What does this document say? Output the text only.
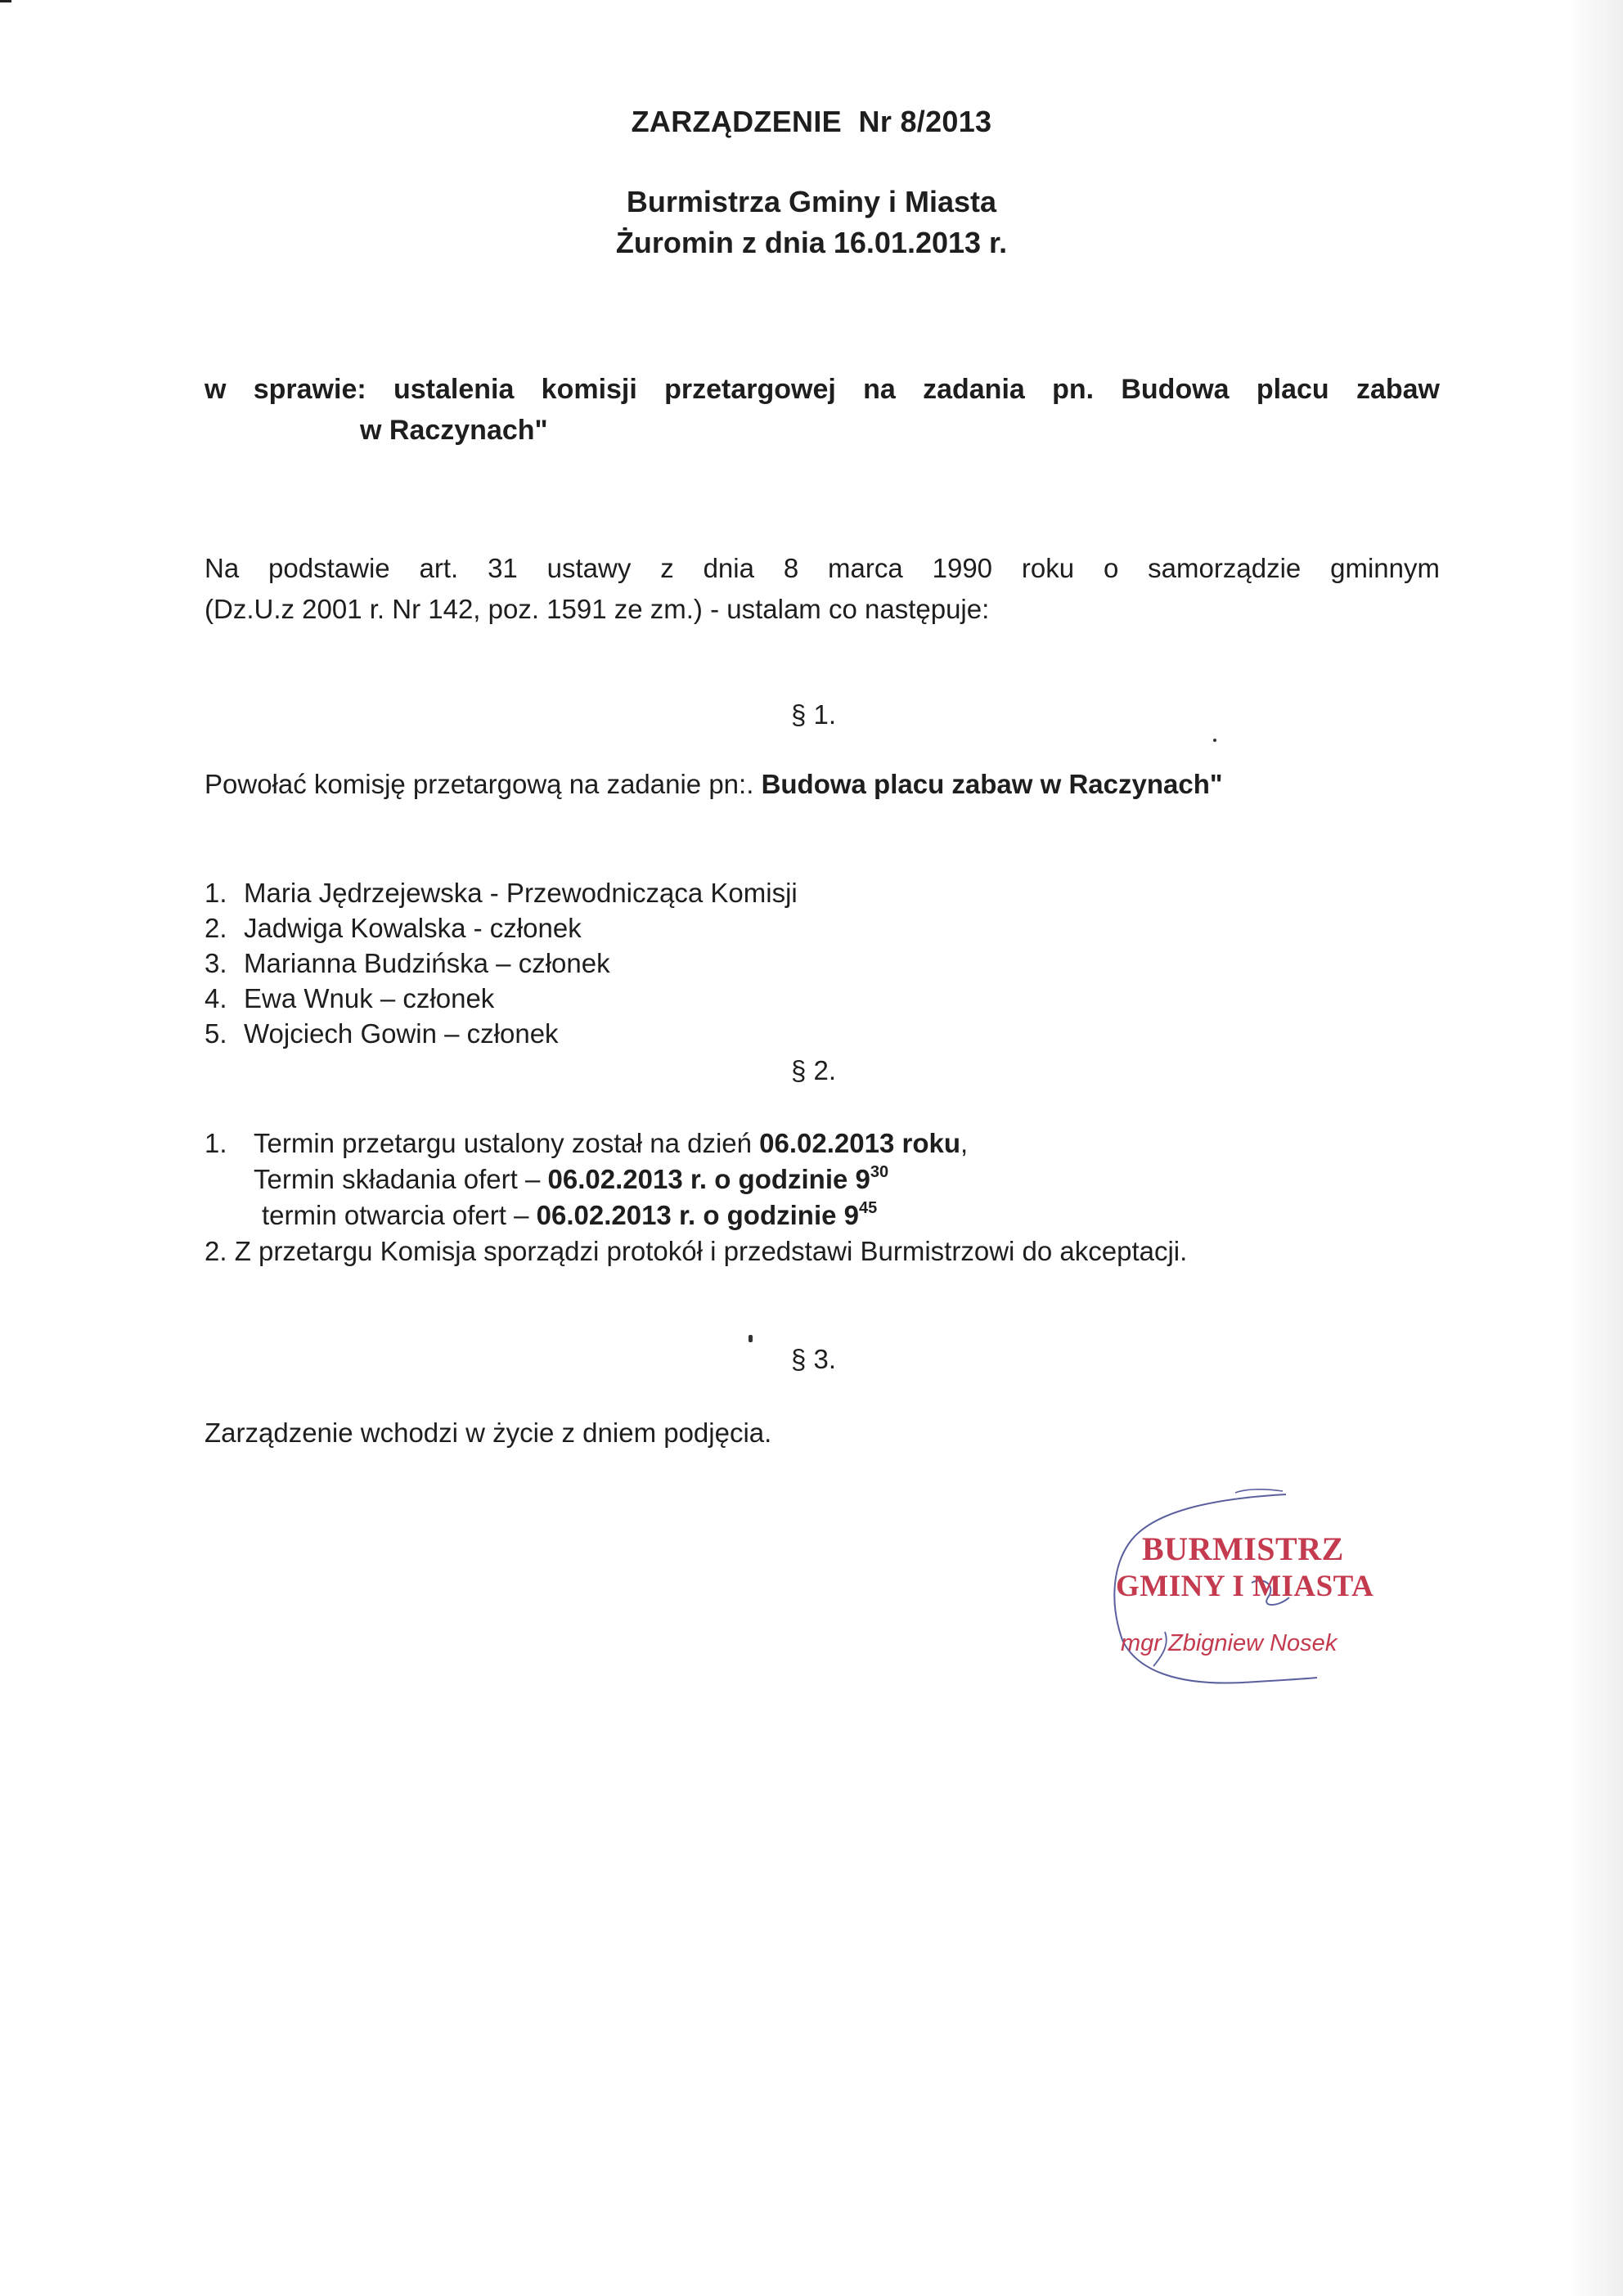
ZARZĄDZENIE  Nr 8/2013
Burmistrza Gminy i Miasta
Żuromin z dnia 16.01.2013 r.
w sprawie: ustalenia komisji przetargowej na zadania pn. Budowa placu zabaw
w Raczynach"
Na podstawie art. 31 ustawy z dnia 8 marca 1990 roku o samorządzie gminnym
(Dz.U.z 2001 r. Nr 142, poz. 1591 ze zm.) - ustalam co następuje:
§ 1.
Powołać komisję przetargową na zadanie pn:. Budowa placu zabaw w Raczynach"
1. Maria Jędrzejewska - Przewodnicząca Komisji
2. Jadwiga Kowalska - członek
3. Marianna Budzińska – członek
4. Ewa Wnuk – członek
5. Wojciech Gowin – członek
§ 2.
1. Termin przetargu ustalony został na dzień 06.02.2013 roku,
Termin składania ofert – 06.02.2013 r. o godzinie $9^{30}$
termin otwarcia ofert – 06.02.2013 r. o godzinie $9^{45}$
2. Z przetargu Komisja sporządzi protokół i przedstawi Burmistrzowi do akceptacji.
§ 3.
Zarządzenie wchodzi w życie z dniem podjęcia.
BURMISTRZ
GMINY I MIASTA
mgr Zbigniew Nosek
